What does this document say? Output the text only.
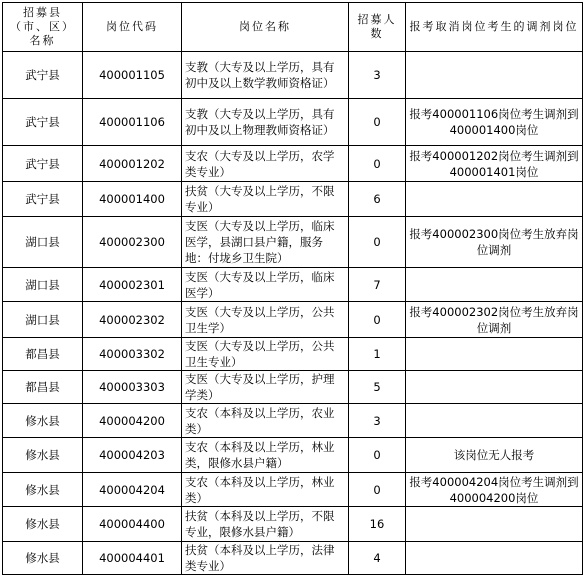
招募县（市、区）名称	岗位代码	岗位名称	招募人数	报考取消岗位考生的调剂岗位
武宁县	400001105	支教（大专及以上学历，具有初中及以上数学教师资格证）	3	
武宁县	400001106	支教（大专及以上学历，具有初中及以上物理教师资格证）	0	报考400001106岗位考生调剂到400001400岗位
武宁县	400001202	支农（大专及以上学历，农学类专业）	0	报考400001202岗位考生调剂到400001401岗位
武宁县	400001400	扶贫（大专及以上学历，不限专业）	6	
湖口县	400002300	支医（大专及以上学历，临床医学，县湖口县户籍，服务地：付垅乡卫生院）	0	报考400002300岗位考生放弃岗位调剂
湖口县	400002301	支医（大专及以上学历，临床医学）	7	
湖口县	400002302	支医（大专及以上学历，公共卫生学）	0	报考400002302岗位考生放弃岗位调剂
都昌县	400003302	支医（大专及以上学历，公共卫生专业）	1	
都昌县	400003303	支医（大专及以上学历，护理学类）	5	
修水县	400004200	支农（本科及以上学历，农业类）	3	
修水县	400004203	支农（本科及以上学历，林业类，限修水县户籍）	0	该岗位无人报考
修水县	400004204	支农（本科及以上学历，林业类）	0	报考400004204岗位考生调剂到400004200岗位
修水县	400004400	扶贫（本科及以上学历，不限专业，限修水县户籍）	16	
修水县	400004401	扶贫（本科及以上学历，法律类专业）	4	
